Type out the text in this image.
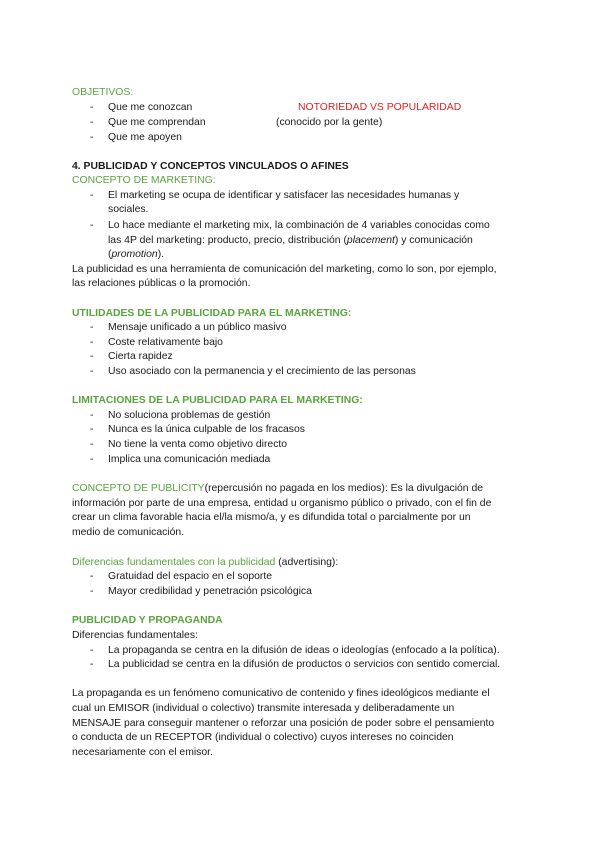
OBJETIVOS:
- Que me conozcan	NOTORIEDAD VS POPULARIDAD
- Que me comprendan	(conocido por la gente)
- Que me apoyen
4. PUBLICIDAD Y CONCEPTOS VINCULADOS O AFINES
CONCEPTO DE MARKETING:
- El marketing se ocupa de identificar y satisfacer las necesidades humanas y
sociales.
- Lo hace mediante el marketing mix, la combinación de 4 variables conocidas como
las 4P del marketing: producto, precio, distribución (placement) y comunicación
(promotion).
La publicidad es una herramienta de comunicación del marketing, como lo son, por ejemplo,
las relaciones públicas o la promoción.
UTILIDADES DE LA PUBLICIDAD PARA EL MARKETING:
- Mensaje unificado a un público masivo
- Coste relativamente bajo
- Cierta rapidez
- Uso asociado con la permanencia y el crecimiento de las personas
LIMITACIONES DE LA PUBLICIDAD PARA EL MARKETING:
- No soluciona problemas de gestión
- Nunca es la única culpable de los fracasos
- No tiene la venta como objetivo directo
- Implica una comunicación mediada
CONCEPTO DE PUBLICITY(repercusión no pagada en los medios): Es la divulgación de
información por parte de una empresa, entidad u organismo público o privado, con el fin de
crear un clima favorable hacia el/la mismo/a, y es difundida total o parcialmente por un
medio de comunicación.
Diferencias fundamentales con la publicidad (advertising):
- Gratuidad del espacio en el soporte
- Mayor credibilidad y penetración psicológica
PUBLICIDAD Y PROPAGANDA
Diferencias fundamentales:
- La propaganda se centra en la difusión de ideas o ideologías (enfocado a la política).
- La publicidad se centra en la difusión de productos o servicios con sentido comercial.
La propaganda es un fenómeno comunicativo de contenido y fines ideológicos mediante el
cual un EMISOR (individual o colectivo) transmite interesada y deliberadamente un
MENSAJE para conseguir mantener o reforzar una posición de poder sobre el pensamiento
o conducta de un RECEPTOR (individual o colectivo) cuyos intereses no coinciden
necesariamente con el emisor.
